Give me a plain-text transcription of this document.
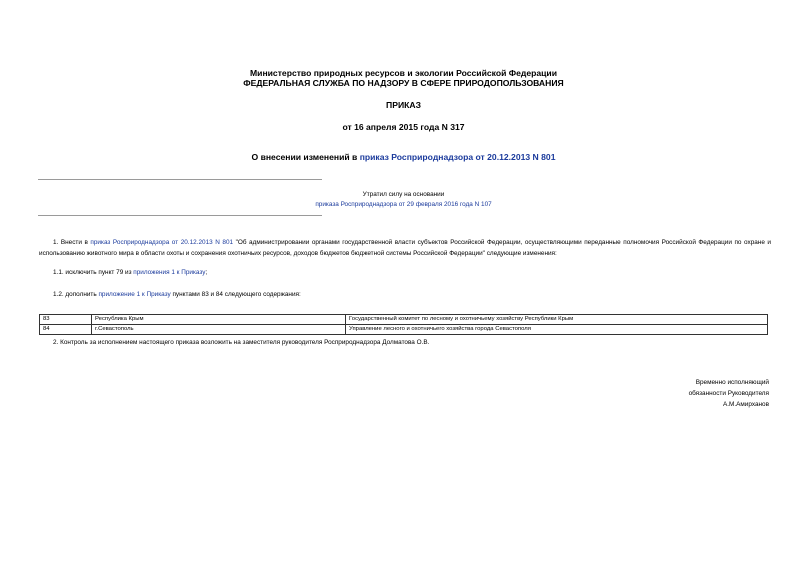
Министерство природных ресурсов и экологии Российской Федерации
ФЕДЕРАЛЬНАЯ СЛУЖБА ПО НАДЗОРУ В СФЕРЕ ПРИРОДОПОЛЬЗОВАНИЯ
ПРИКАЗ
от 16 апреля 2015 года N 317
О внесении изменений в приказ Росприроднадзора от 20.12.2013 N 801
Утратил силу на основании
приказа Росприроднадзора от 29 февраля 2016 года N 107
1. Внести в приказ Росприроднадзора от 20.12.2013 N 801 "Об администрировании органами государственной власти субъектов Российской Федерации, осуществляющими переданные полномочия Российской Федерации по охране и использованию животного мира в области охоты и сохранения охотничьих ресурсов, доходов бюджетов бюджетной системы Российской Федерации" следующие изменения:
1.1. исключить пункт 79 из приложения 1 к Приказу;
1.2. дополнить приложение 1 к Приказу пунктами 83 и 84 следующего содержания:
83	Республика Крым	Государственный комитет по лесному и охотничьему хозяйству Республики Крым
84	г.Севастополь	Управление лесного и охотничьего хозяйства города Севастополя
2. Контроль за исполнением настоящего приказа возложить на заместителя руководителя Росприроднадзора Долматова О.В.
Временно исполняющий
обязанности Руководителя
А.М.Амирханов
